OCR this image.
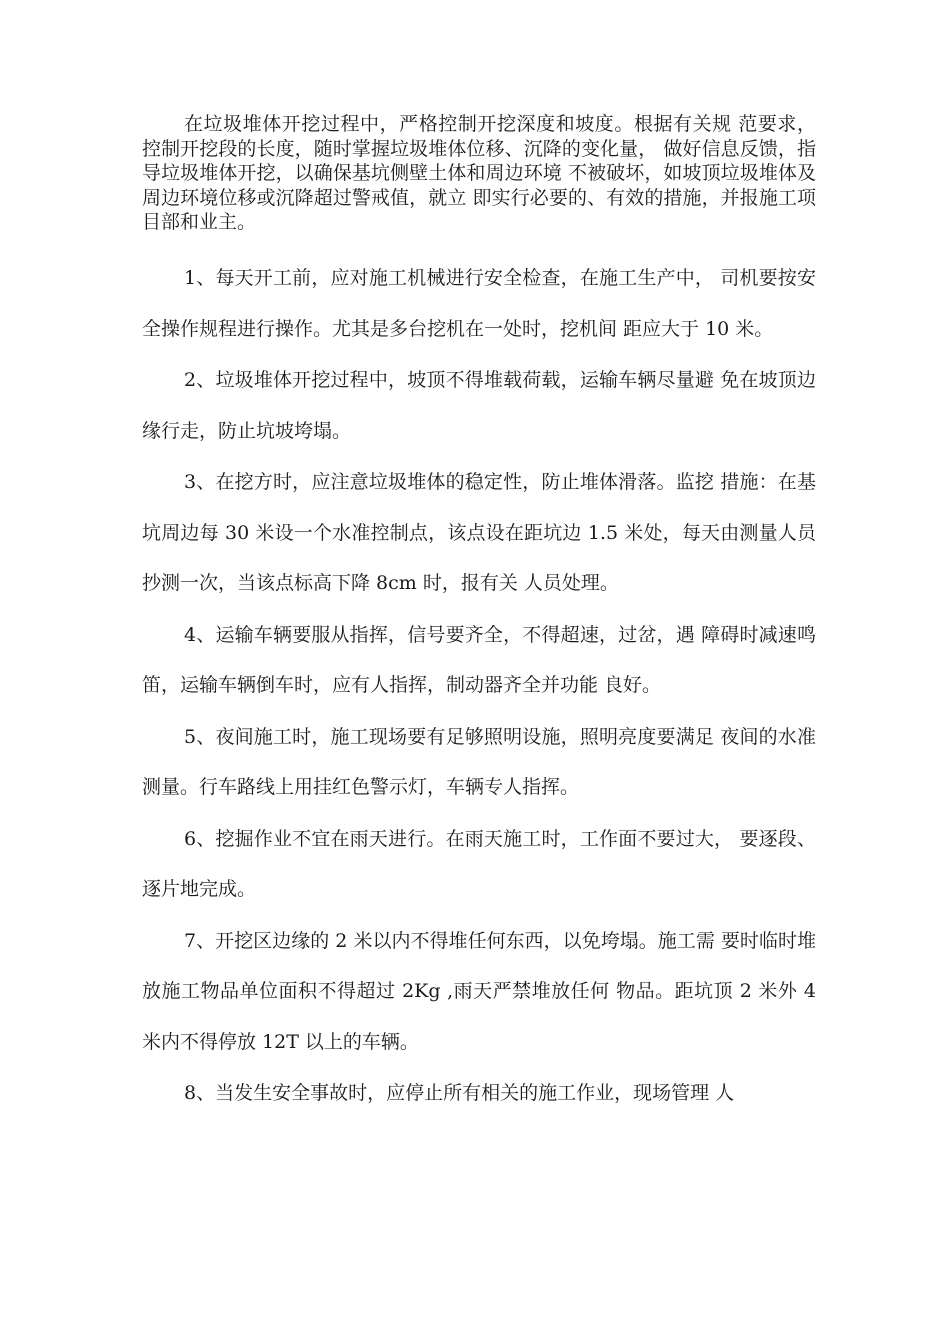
在垃圾堆体开挖过程中，严格控制开挖深度和坡度。根据有关规 范要求，控制开挖段的长度，随时掌握垃圾堆体位移、沉降的变化量， 做好信息反馈，指导垃圾堆体开挖，以确保基坑侧壁土体和周边环境 不被破坏，如坡顶垃圾堆体及周边环境位移或沉降超过警戒值，就立 即实行必要的、有效的措施，并报施工项目部和业主。

1、每天开工前，应对施工机械进行安全检查，在施工生产中， 司机要按安全操作规程进行操作。尤其是多台挖机在一处时，挖机间 距应大于 10 米。

2、垃圾堆体开挖过程中，坡顶不得堆载荷载，运输车辆尽量避 免在坡顶边缘行走，防止坑坡垮塌。

3、在挖方时，应注意垃圾堆体的稳定性，防止堆体滑落。监挖 措施：在基坑周边每 30 米设一个水准控制点，该点设在距坑边 1.5 米处，每天由测量人员抄测一次，当该点标高下降 8cm 时，报有关 人员处理。

4、运输车辆要服从指挥，信号要齐全，不得超速，过岔，遇 障碍时减速鸣笛，运输车辆倒车时，应有人指挥，制动器齐全并功能 良好。

5、夜间施工时，施工现场要有足够照明设施，照明亮度要满足 夜间的水准测量。行车路线上用挂红色警示灯，车辆专人指挥。

6、挖掘作业不宜在雨天进行。在雨天施工时，工作面不要过大， 要逐段、逐片地完成。

7、开挖区边缘的 2 米以内不得堆任何东西，以免垮塌。施工需 要时临时堆放施工物品单位面积不得超过 2Kg ,雨天严禁堆放任何 物品。距坑顶 2 米外 4 米内不得停放 12T 以上的车辆。

8、当发生安全事故时，应停止所有相关的施工作业，现场管理 人
